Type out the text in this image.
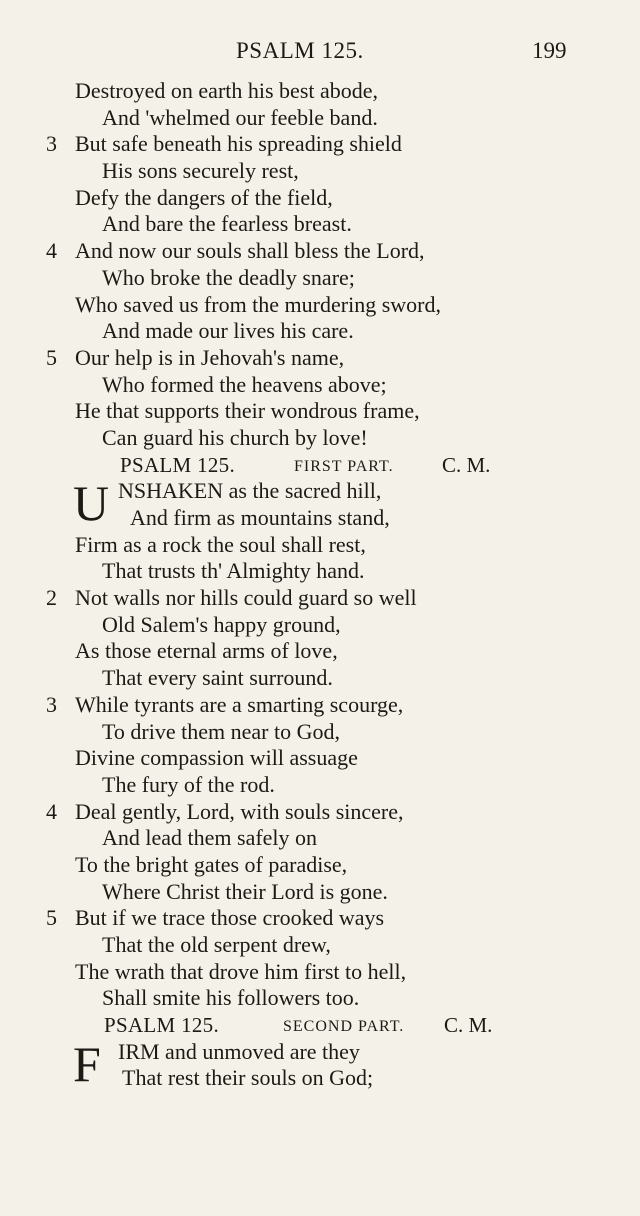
PSALM 125.	199
Destroyed on earth his best abode,
And 'whelmed our feeble band.
3 But safe beneath his spreading shield
His sons securely rest,
Defy the dangers of the field,
And bare the fearless breast.
4 And now our souls shall bless the Lord,
Who broke the deadly snare;
Who saved us from the murdering sword,
And made our lives his care.
5 Our help is in Jehovah's name,
Who formed the heavens above;
He that supports their wondrous frame,
Can guard his church by love!
PSALM 125.	FIRST PART. C. M.
U NSHAKEN as the sacred hill,
And firm as mountains stand,
Firm as a rock the soul shall rest,
That trusts th' Almighty hand.
2 Not walls nor hills could guard so well
Old Salem's happy ground,
As those eternal arms of love,
That every saint surround.
3 While tyrants are a smarting scourge,
To drive them near to God,
Divine compassion will assuage
The fury of the rod.
4 Deal gently, Lord, with souls sincere,
And lead them safely on
To the bright gates of paradise,
Where Christ their Lord is gone.
5 But if we trace those crooked ways
That the old serpent drew,
The wrath that drove him first to hell,
Shall smite his followers too.
PSALM 125.	SECOND PART. C. M.
F IRM and unmoved are they
That rest their souls on God;
